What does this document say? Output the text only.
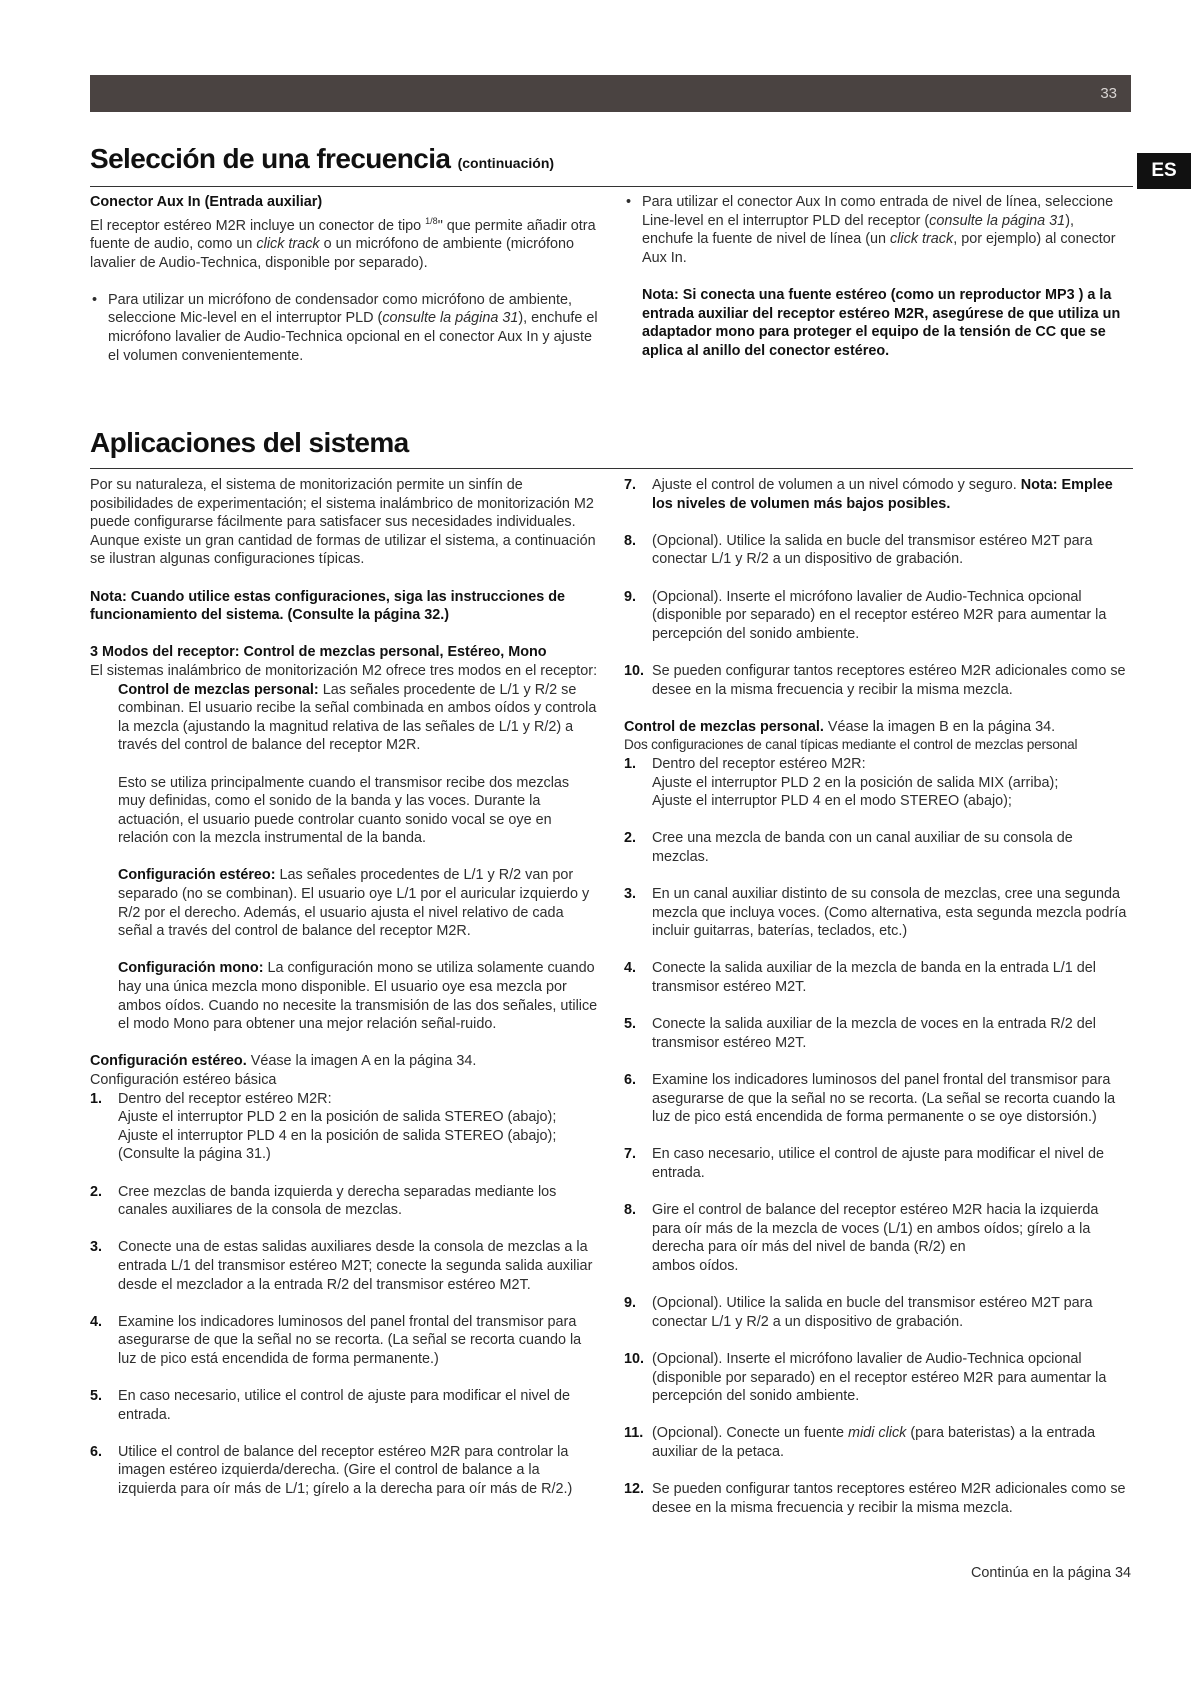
33
ES
Selección de una frecuencia (continuación)

Conector Aux In (Entrada auxiliar)

El receptor estéreo M2R incluye un conector de tipo $^{1/8}$" que permite añadir otra fuente de audio, como un click track o un micrófono de ambiente (micrófono lavalier de Audio-Technica, disponible por separado).

• Para utilizar un micrófono de condensador como micrófono de ambiente, seleccione Mic-level en el interruptor PLD (consulte la página 31), enchufe el micrófono lavalier de Audio-Technica opcional en el conector Aux In y ajuste el volumen convenientemente.

• Para utilizar el conector Aux In como entrada de nivel de línea, seleccione Line-level en el interruptor PLD del receptor (consulte la página 31), enchufe la fuente de nivel de línea (un click track, por ejemplo) al conector Aux In.

Nota: Si conecta una fuente estéreo (como un reproductor MP3 ) a la entrada auxiliar del receptor estéreo M2R, asegúrese de que utiliza un adaptador mono para proteger el equipo de la tensión de CC que se aplica al anillo del conector estéreo.

Aplicaciones del sistema

Por su naturaleza, el sistema de monitorización permite un sinfín de posibilidades de experimentación; el sistema inalámbrico de monitorización M2 puede configurarse fácilmente para satisfacer sus necesidades individuales. Aunque existe un gran cantidad de formas de utilizar el sistema, a continuación se ilustran algunas configuraciones típicas.

Nota: Cuando utilice estas configuraciones, siga las instrucciones de funcionamiento del sistema. (Consulte la página 32.)

3 Modos del receptor: Control de mezclas personal, Estéreo, Mono

El sistemas inalámbrico de monitorización M2 ofrece tres modos en el receptor:

Control de mezclas personal: Las señales procedente de L/1 y R/2 se combinan. El usuario recibe la señal combinada en ambos oídos y controla la mezcla (ajustando la magnitud relativa de las señales de L/1 y R/2) a través del control de balance del receptor M2R.

Esto se utiliza principalmente cuando el transmisor recibe dos mezclas muy definidas, como el sonido de la banda y las voces. Durante la actuación, el usuario puede controlar cuanto sonido vocal se oye en relación con la mezcla instrumental de la banda.

Configuración estéreo: Las señales procedentes de L/1 y R/2 van por separado (no se combinan). El usuario oye L/1 por el auricular izquierdo y R/2 por el derecho. Además, el usuario ajusta el nivel relativo de cada señal a través del control de balance del receptor M2R.

Configuración mono: La configuración mono se utiliza solamente cuando hay una única mezcla mono disponible. El usuario oye esa mezcla por ambos oídos. Cuando no necesite la transmisión de las dos señales, utilice el modo Mono para obtener una mejor relación señal-ruido.

Configuración estéreo. Véase la imagen A en la página 34.

Configuración estéreo básica

1. Dentro del receptor estéreo M2R:
Ajuste el interruptor PLD 2 en la posición de salida STEREO (abajo);
Ajuste el interruptor PLD 4 en la posición de salida STEREO (abajo);
(Consulte la página 31.)

2. Cree mezclas de banda izquierda y derecha separadas mediante los canales auxiliares de la consola de mezclas.

3. Conecte una de estas salidas auxiliares desde la consola de mezclas a la entrada L/1 del transmisor estéreo M2T; conecte la segunda salida auxiliar desde el mezclador a la entrada R/2 del transmisor estéreo M2T.

4. Examine los indicadores luminosos del panel frontal del transmisor para asegurarse de que la señal no se recorta. (La señal se recorta cuando la luz de pico está encendida de forma permanente.)

5. En caso necesario, utilice el control de ajuste para modificar el nivel de entrada.

6. Utilice el control de balance del receptor estéreo M2R para controlar la imagen estéreo izquierda/derecha. (Gire el control de balance a la izquierda para oír más de L/1; gírelo a la derecha para oír más de R/2.)

7. Ajuste el control de volumen a un nivel cómodo y seguro. Nota: Emplee los niveles de volumen más bajos posibles.

8. (Opcional). Utilice la salida en bucle del transmisor estéreo M2T para conectar L/1 y R/2 a un dispositivo de grabación.

9. (Opcional). Inserte el micrófono lavalier de Audio-Technica opcional (disponible por separado) en el receptor estéreo M2R para aumentar la percepción del sonido ambiente.

10. Se pueden configurar tantos receptores estéreo M2R adicionales como se desee en la misma frecuencia y recibir la misma mezcla.

Control de mezclas personal. Véase la imagen B en la página 34.

Dos configuraciones de canal típicas mediante el control de mezclas personal

1. Dentro del receptor estéreo M2R:
Ajuste el interruptor PLD 2 en la posición de salida MIX (arriba);
Ajuste el interruptor PLD 4 en el modo STEREO (abajo);

2. Cree una mezcla de banda con un canal auxiliar de su consola de mezclas.

3. En un canal auxiliar distinto de su consola de mezclas, cree una segunda mezcla que incluya voces. (Como alternativa, esta segunda mezcla podría incluir guitarras, baterías, teclados, etc.)

4. Conecte la salida auxiliar de la mezcla de banda en la entrada L/1 del transmisor estéreo M2T.

5. Conecte la salida auxiliar de la mezcla de voces en la entrada R/2 del transmisor estéreo M2T.

6. Examine los indicadores luminosos del panel frontal del transmisor para asegurarse de que la señal no se recorta. (La señal se recorta cuando la luz de pico está encendida de forma permanente o se oye distorsión.)

7. En caso necesario, utilice el control de ajuste para modificar el nivel de entrada.

8. Gire el control de balance del receptor estéreo M2R hacia la izquierda para oír más de la mezcla de voces (L/1) en ambos oídos; gírelo a la derecha para oír más del nivel de banda (R/2) en
ambos oídos.

9. (Opcional). Utilice la salida en bucle del transmisor estéreo M2T para conectar L/1 y R/2 a un dispositivo de grabación.

10. (Opcional). Inserte el micrófono lavalier de Audio-Technica opcional (disponible por separado) en el receptor estéreo M2R para aumentar la percepción del sonido ambiente.

11. (Opcional). Conecte un fuente midi click (para bateristas) a la entrada auxiliar de la petaca.

12. Se pueden configurar tantos receptores estéreo M2R adicionales como se desee en la misma frecuencia y recibir la misma mezcla.

Continúa en la página 34
